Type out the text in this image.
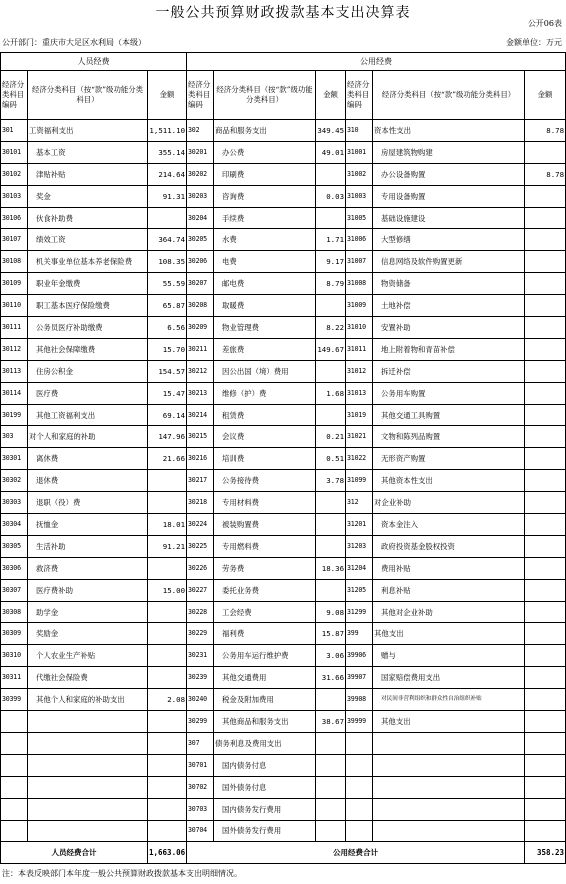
一般公共预算财政拨款基本支出决算表
公开06表
公开部门：重庆市大足区水利局（本级）	金额单位：万元
人员经费			公用经费					
经济分类科目编码	经济分类科目（按“款”级功能分类科目）	金额	经济分类科目编码	经济分类科目（按“款”级功能分类科目）	金额	经济分类科目编码	经济分类科目（按“款”级功能分类科目）	金额
301	工资福利支出	1,511.10	302	商品和服务支出	349.45	310	资本性支出	8.78
30101	基本工资	355.14	30201	办公费	49.01	31001	房屋建筑物购建	
30102	津贴补贴	214.64	30202	印刷费		31002	办公设备购置	8.78
30103	奖金	91.31	30203	咨询费	0.03	31003	专用设备购置	
30106	伙食补助费		30204	手续费		31005	基础设施建设	
30107	绩效工资	364.74	30205	水费	1.71	31006	大型修缮	
30108	机关事业单位基本养老保险费	108.35	30206	电费	9.17	31007	信息网络及软件购置更新	
30109	职业年金缴费	55.59	30207	邮电费	8.79	31008	物资储备	
30110	职工基本医疗保险缴费	65.87	30208	取暖费		31009	土地补偿	
30111	公务员医疗补助缴费	6.56	30209	物业管理费	8.22	31010	安置补助	
30112	其他社会保障缴费	15.70	30211	差旅费	149.67	31011	地上附着物和青苗补偿	
30113	住房公积金	154.57	30212	因公出国（境）费用		31012	拆迁补偿	
30114	医疗费	15.47	30213	维修（护）费	1.68	31013	公务用车购置	
30199	其他工资福利支出	69.14	30214	租赁费		31019	其他交通工具购置	
303	对个人和家庭的补助	147.96	30215	会议费	0.21	31021	文物和陈列品购置	
30301	离休费	21.66	30216	培训费	0.51	31022	无形资产购置	
30302	退休费		30217	公务接待费	3.78	31099	其他资本性支出	
30303	退职（役）费		30218	专用材料费		312	对企业补助	
30304	抚恤金	18.01	30224	被装购置费		31201	资本金注入	
30305	生活补助	91.21	30225	专用燃料费		31203	政府投资基金股权投资	
30306	救济费		30226	劳务费	18.36	31204	费用补贴	
30307	医疗费补助	15.00	30227	委托业务费		31205	利息补贴	
30308	助学金		30228	工会经费	9.08	31299	其他对企业补助	
30309	奖励金		30229	福利费	15.87	399	其他支出	
30310	个人农业生产补贴		30231	公务用车运行维护费	3.06	39906	赠与	
30311	代缴社会保险费		30239	其他交通费用	31.66	39907	国家赔偿费用支出	
30399	其他个人和家庭的补助支出	2.08	30240	税金及附加费用		39908	对民间非营利组织和群众性自治组织补贴	
			30299	其他商品和服务支出	38.67	39999	其他支出	
			307	债务利息及费用支出				
			30701	国内债务付息				
			30702	国外债务付息				
			30703	国内债务发行费用				
			30704	国外债务发行费用				
人员经费合计		1,663.06	公用经费合计					358.23
注：本表反映部门本年度一般公共预算财政拨款基本支出明细情况。
